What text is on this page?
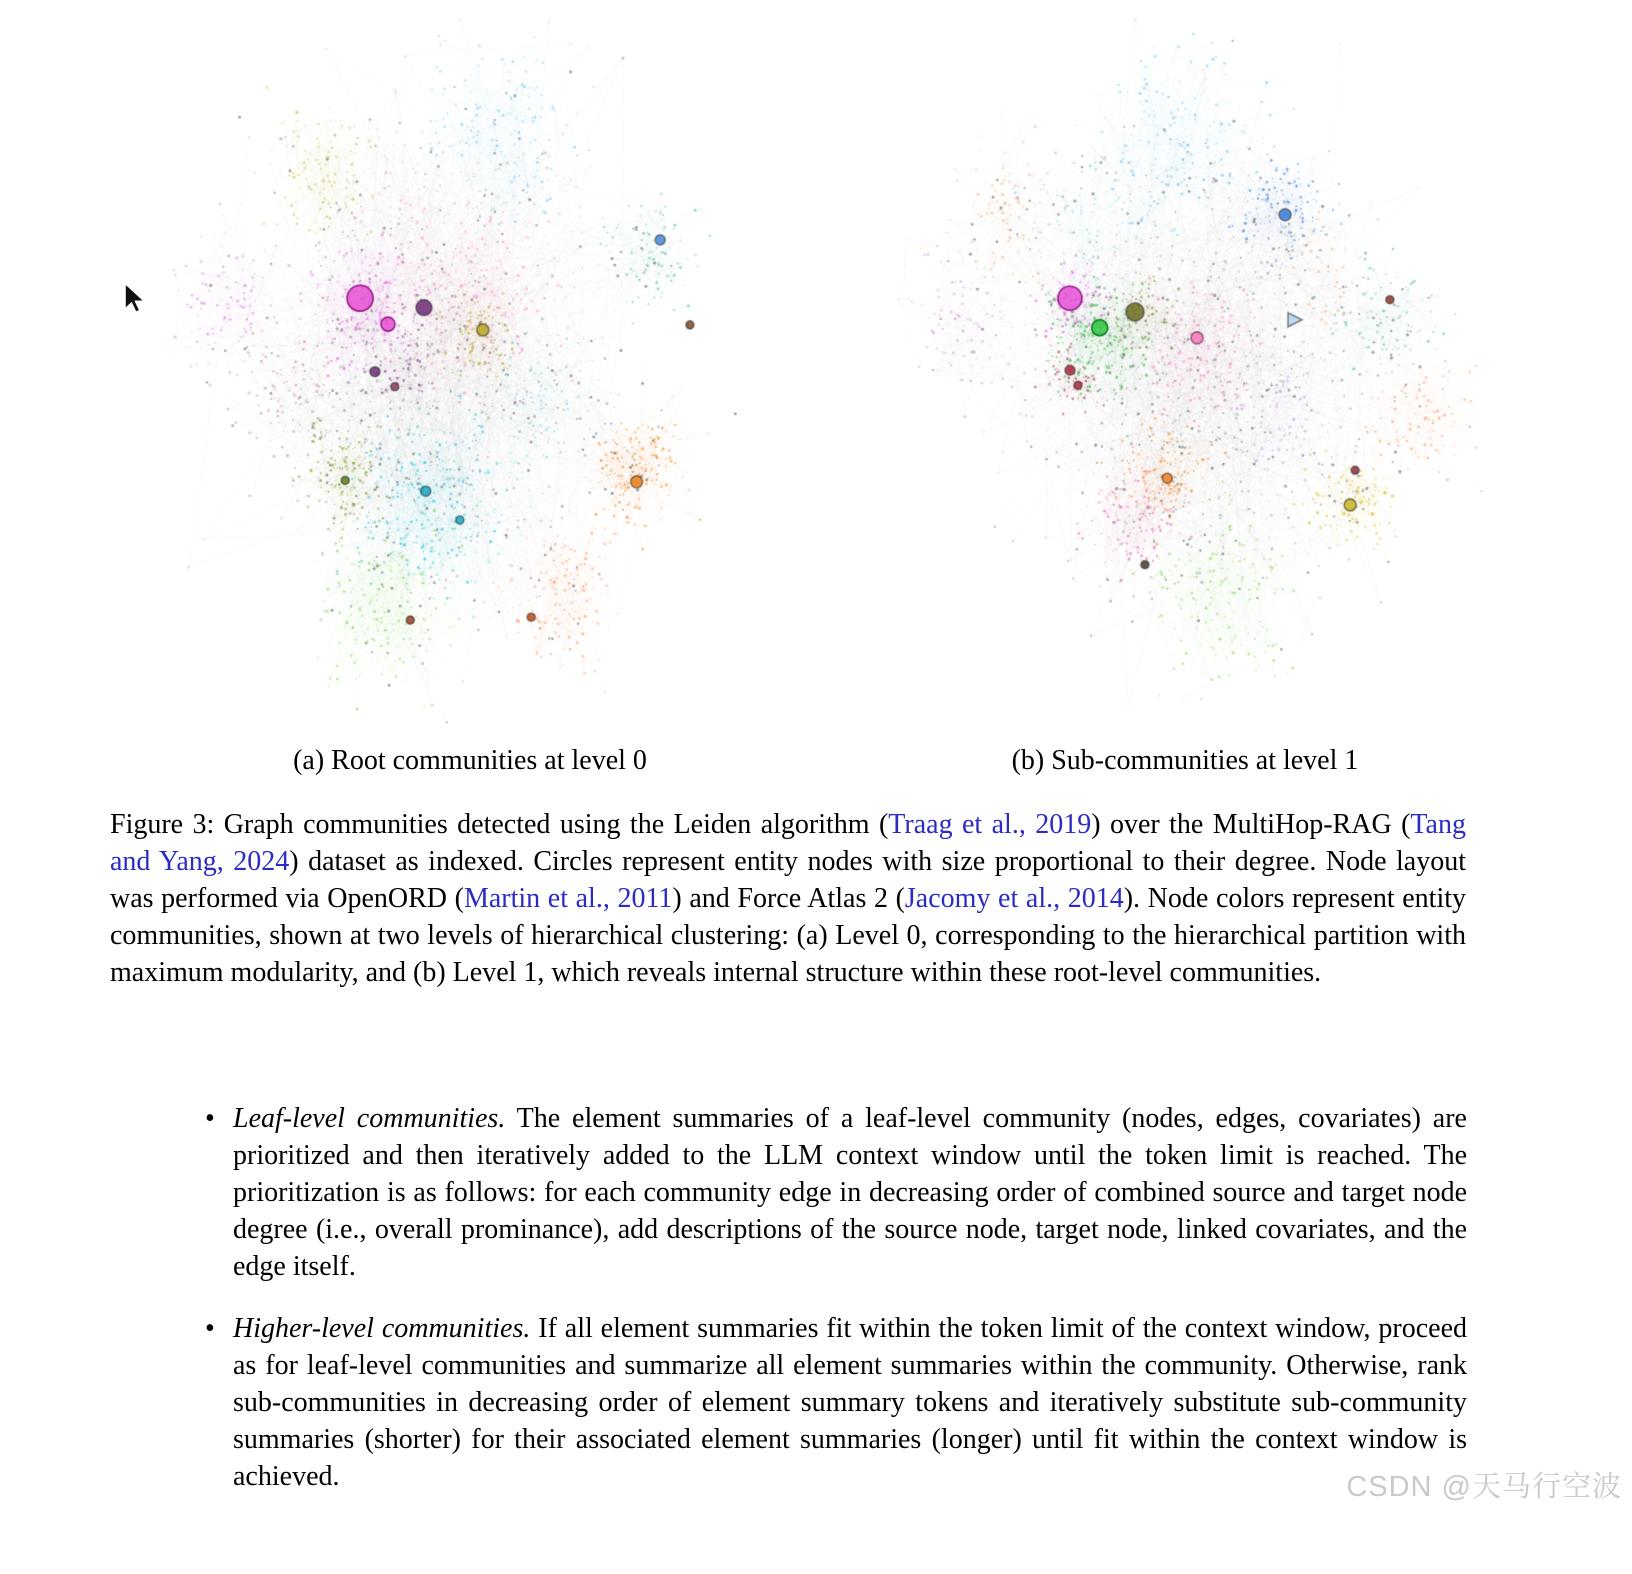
(a) Root communities at level 0	(b) Sub-communities at level 1

Figure 3: Graph communities detected using the Leiden algorithm (Traag et al., 2019) over the MultiHop-RAG (Tang and Yang, 2024) dataset as indexed. Circles represent entity nodes with size proportional to their degree. Node layout was performed via OpenORD (Martin et al., 2011) and Force Atlas 2 (Jacomy et al., 2014). Node colors represent entity communities, shown at two levels of hierarchical clustering: (a) Level 0, corresponding to the hierarchical partition with maximum modularity, and (b) Level 1, which reveals internal structure within these root-level communities.

• Leaf-level communities. The element summaries of a leaf-level community (nodes, edges, covariates) are prioritized and then iteratively added to the LLM context window until the token limit is reached. The prioritization is as follows: for each community edge in decreasing order of combined source and target node degree (i.e., overall prominance), add descriptions of the source node, target node, linked covariates, and the edge itself.
• Higher-level communities. If all element summaries fit within the token limit of the context window, proceed as for leaf-level communities and summarize all element summaries within the community. Otherwise, rank sub-communities in decreasing order of element summary tokens and iteratively substitute sub-community summaries (shorter) for their associated element summaries (longer) until fit within the context window is achieved.	CSDN @天马行空波
